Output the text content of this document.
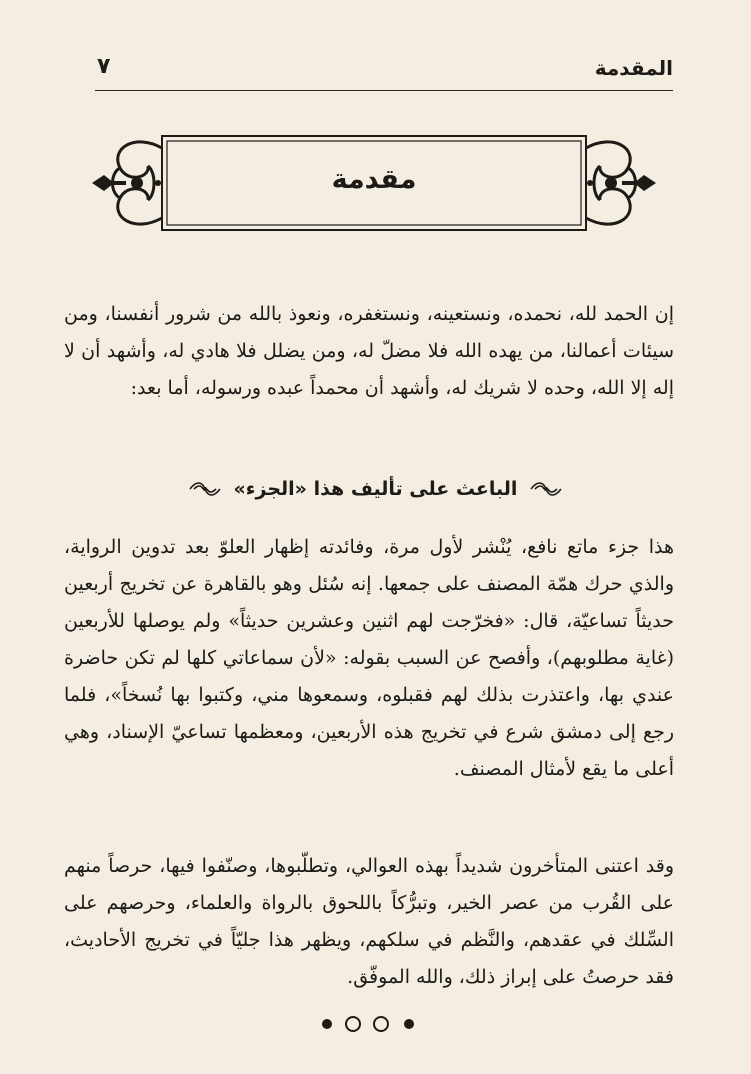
المقدمة
٧
مقدمة

إن الحمد لله، نحمده، ونستعينه، ونستغفره، ونعوذ بالله من شرور أنفسنا، ومن سيئات أعمالنا، من يهده الله فلا مضلّ له، ومن يضلل فلا هادي له، وأشهد أن لا إله إلا الله، وحده لا شريك له، وأشهد أن محمداً عبده ورسوله، أما بعد:

الباعث على تأليف هذا «الجزء»

هذا جزء ماتع نافع، يُنْشر لأول مرة، وفائدته إظهار العلوّ بعد تدوين الرواية، والذي حرك همّة المصنف على جمعها. إنه سُئل وهو بالقاهرة عن تخريج أربعين حديثاً تساعيّة، قال: «فخرّجت لهم اثنين وعشرين حديثاً» ولم يوصلها للأربعين (غاية مطلوبهم)، وأفصح عن السبب بقوله: «لأن سماعاتي كلها لم تكن حاضرة عندي بها، واعتذرت بذلك لهم فقبلوه، وسمعوها مني، وكتبوا بها نُسخاً»، فلما رجع إلى دمشق شرع في تخريج هذه الأربعين، ومعظمها تساعيّ الإسناد، وهي أعلى ما يقع لأمثال المصنف.

وقد اعتنى المتأخرون شديداً بهذه العوالي، وتطلّبوها، وصنّفوا فيها، حرصاً منهم على القُرب من عصر الخير، وتبرُّكاً باللحوق بالرواة والعلماء، وحرصهم على السِّلك في عقدهم، والنَّظم في سلكهم، ويظهر هذا جليّاً في تخريج الأحاديث، فقد حرصتُ على إبراز ذلك، والله الموفّق.
